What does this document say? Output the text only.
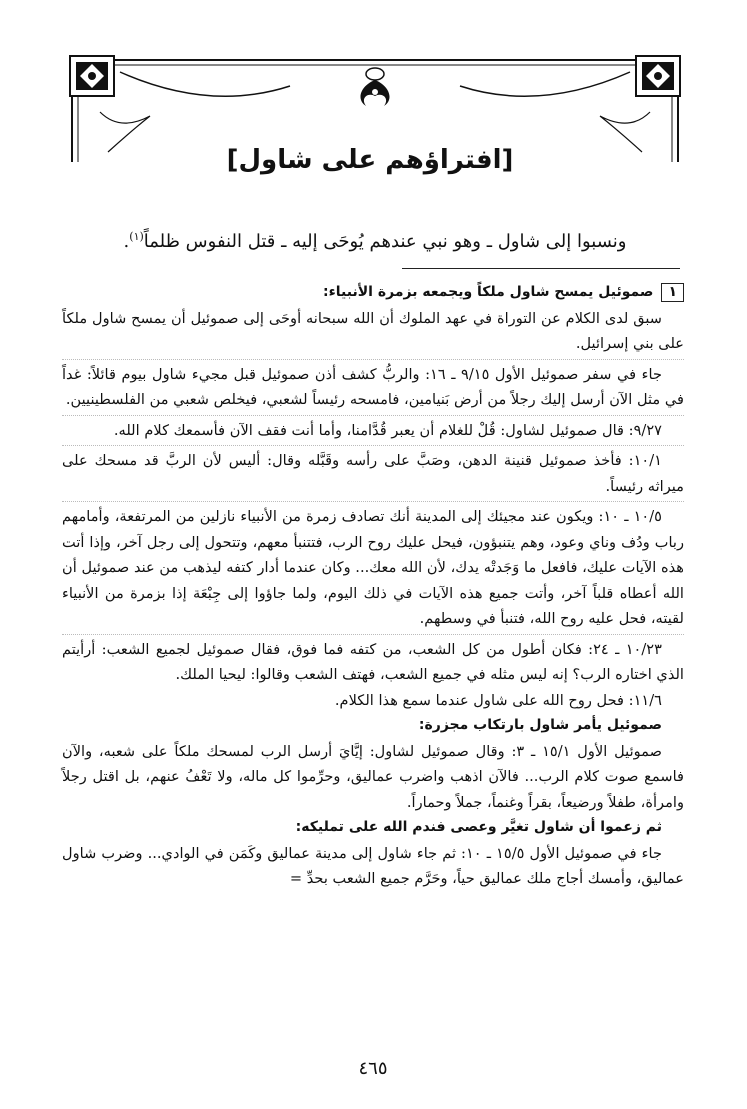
[افتراؤهم على شاول]
ونسبوا إلى شاول ـ وهو نبي عندهم يُوحَى إليه ـ قتل النفوس ظلماً$^{(١)}$.

١صموئيل يمسح شاول ملكاً ويجمعه بزمرة الأنبياء:

سبق لدى الكلام عن التوراة في عهد الملوك أن الله سبحانه أوحَى إلى صموئيل أن يمسح شاول ملكاً على بني إسرائيل.

جاء في سفر صموئيل الأول ٩/١٥ ـ ١٦: والربُّ كشف أذن صموئيل قبل مجيء شاول بيوم قائلاً: غداً في مثل الآن أرسل إليك رجلاً من أرض بَنيامين، فامسحه رئيساً لشعبي، فيخلص شعبي من الفلسطينيين.

٩/٢٧: قال صموئيل لشاول: قُلْ للغلام أن يعبر قُدَّامنا، وأما أنت فقف الآن فأسمعك كلام الله.

١٠/١: فأخذ صموئيل قنينة الدهن، وصَبَّ على رأسه وقَبَّله وقال: أليس لأن الربَّ قد مسحك على ميراثه رئيساً.

١٠/٥ ـ ١٠: ويكون عند مجيئك إلى المدينة أنك تصادف زمرة من الأنبياء نازلين من المرتفعة، وأمامهم رباب ودُف وناي وعود، وهم يتنبؤون، فيحل عليك روح الرب، فتتنبأ معهم، وتتحول إلى رجل آخر، وإذا أتت هذه الآيات عليك، فافعل ما وَجَدتْه يدك، لأن الله معك... وكان عندما أدار كتفه ليذهب من عند صموئيل أن الله أعطاه قلباً آخر، وأتت جميع هذه الآيات في ذلك اليوم، ولما جاؤوا إلى جِبْعَة إذا بزمرة من الأنبياء لقيته، فحل عليه روح الله، فتنبأ في وسطهم.

١٠/٢٣ ـ ٢٤: فكان أطول من كل الشعب، من كتفه فما فوق، فقال صموئيل لجميع الشعب: أرأيتم الذي اختاره الرب؟ إنه ليس مثله في جميع الشعب، فهتف الشعب وقالوا: ليحيا الملك.

١١/٦: فحل روح الله على شاول عندما سمع هذا الكلام.

صموئيل يأمر شاول بارتكاب مجزرة:

صموئيل الأول ١٥/١ ـ ٣: وقال صموئيل لشاول: إيَّايَ أرسل الرب لمسحك ملكاً على شعبه، والآن فاسمع صوت كلام الرب... فالآن اذهب واضرب عماليق، وحرِّموا كل ماله، ولا تَعْفُ عنهم، بل اقتل رجلاً وامرأة، طفلاً ورضيعاً، بقراً وغنماً، جملاً وحماراً.

ثم زعموا أن شاول تغيَّر وعصى فندم الله على تمليكه:

جاء في صموئيل الأول ١٥/٥ ـ ١٠: ثم جاء شاول إلى مدينة عماليق وكَمَن في الوادي... وضرب شاول عماليق، وأمسك أجاج ملك عماليق حياً، وحَرَّم جميع الشعب بحدِّ =

٤٦٥
